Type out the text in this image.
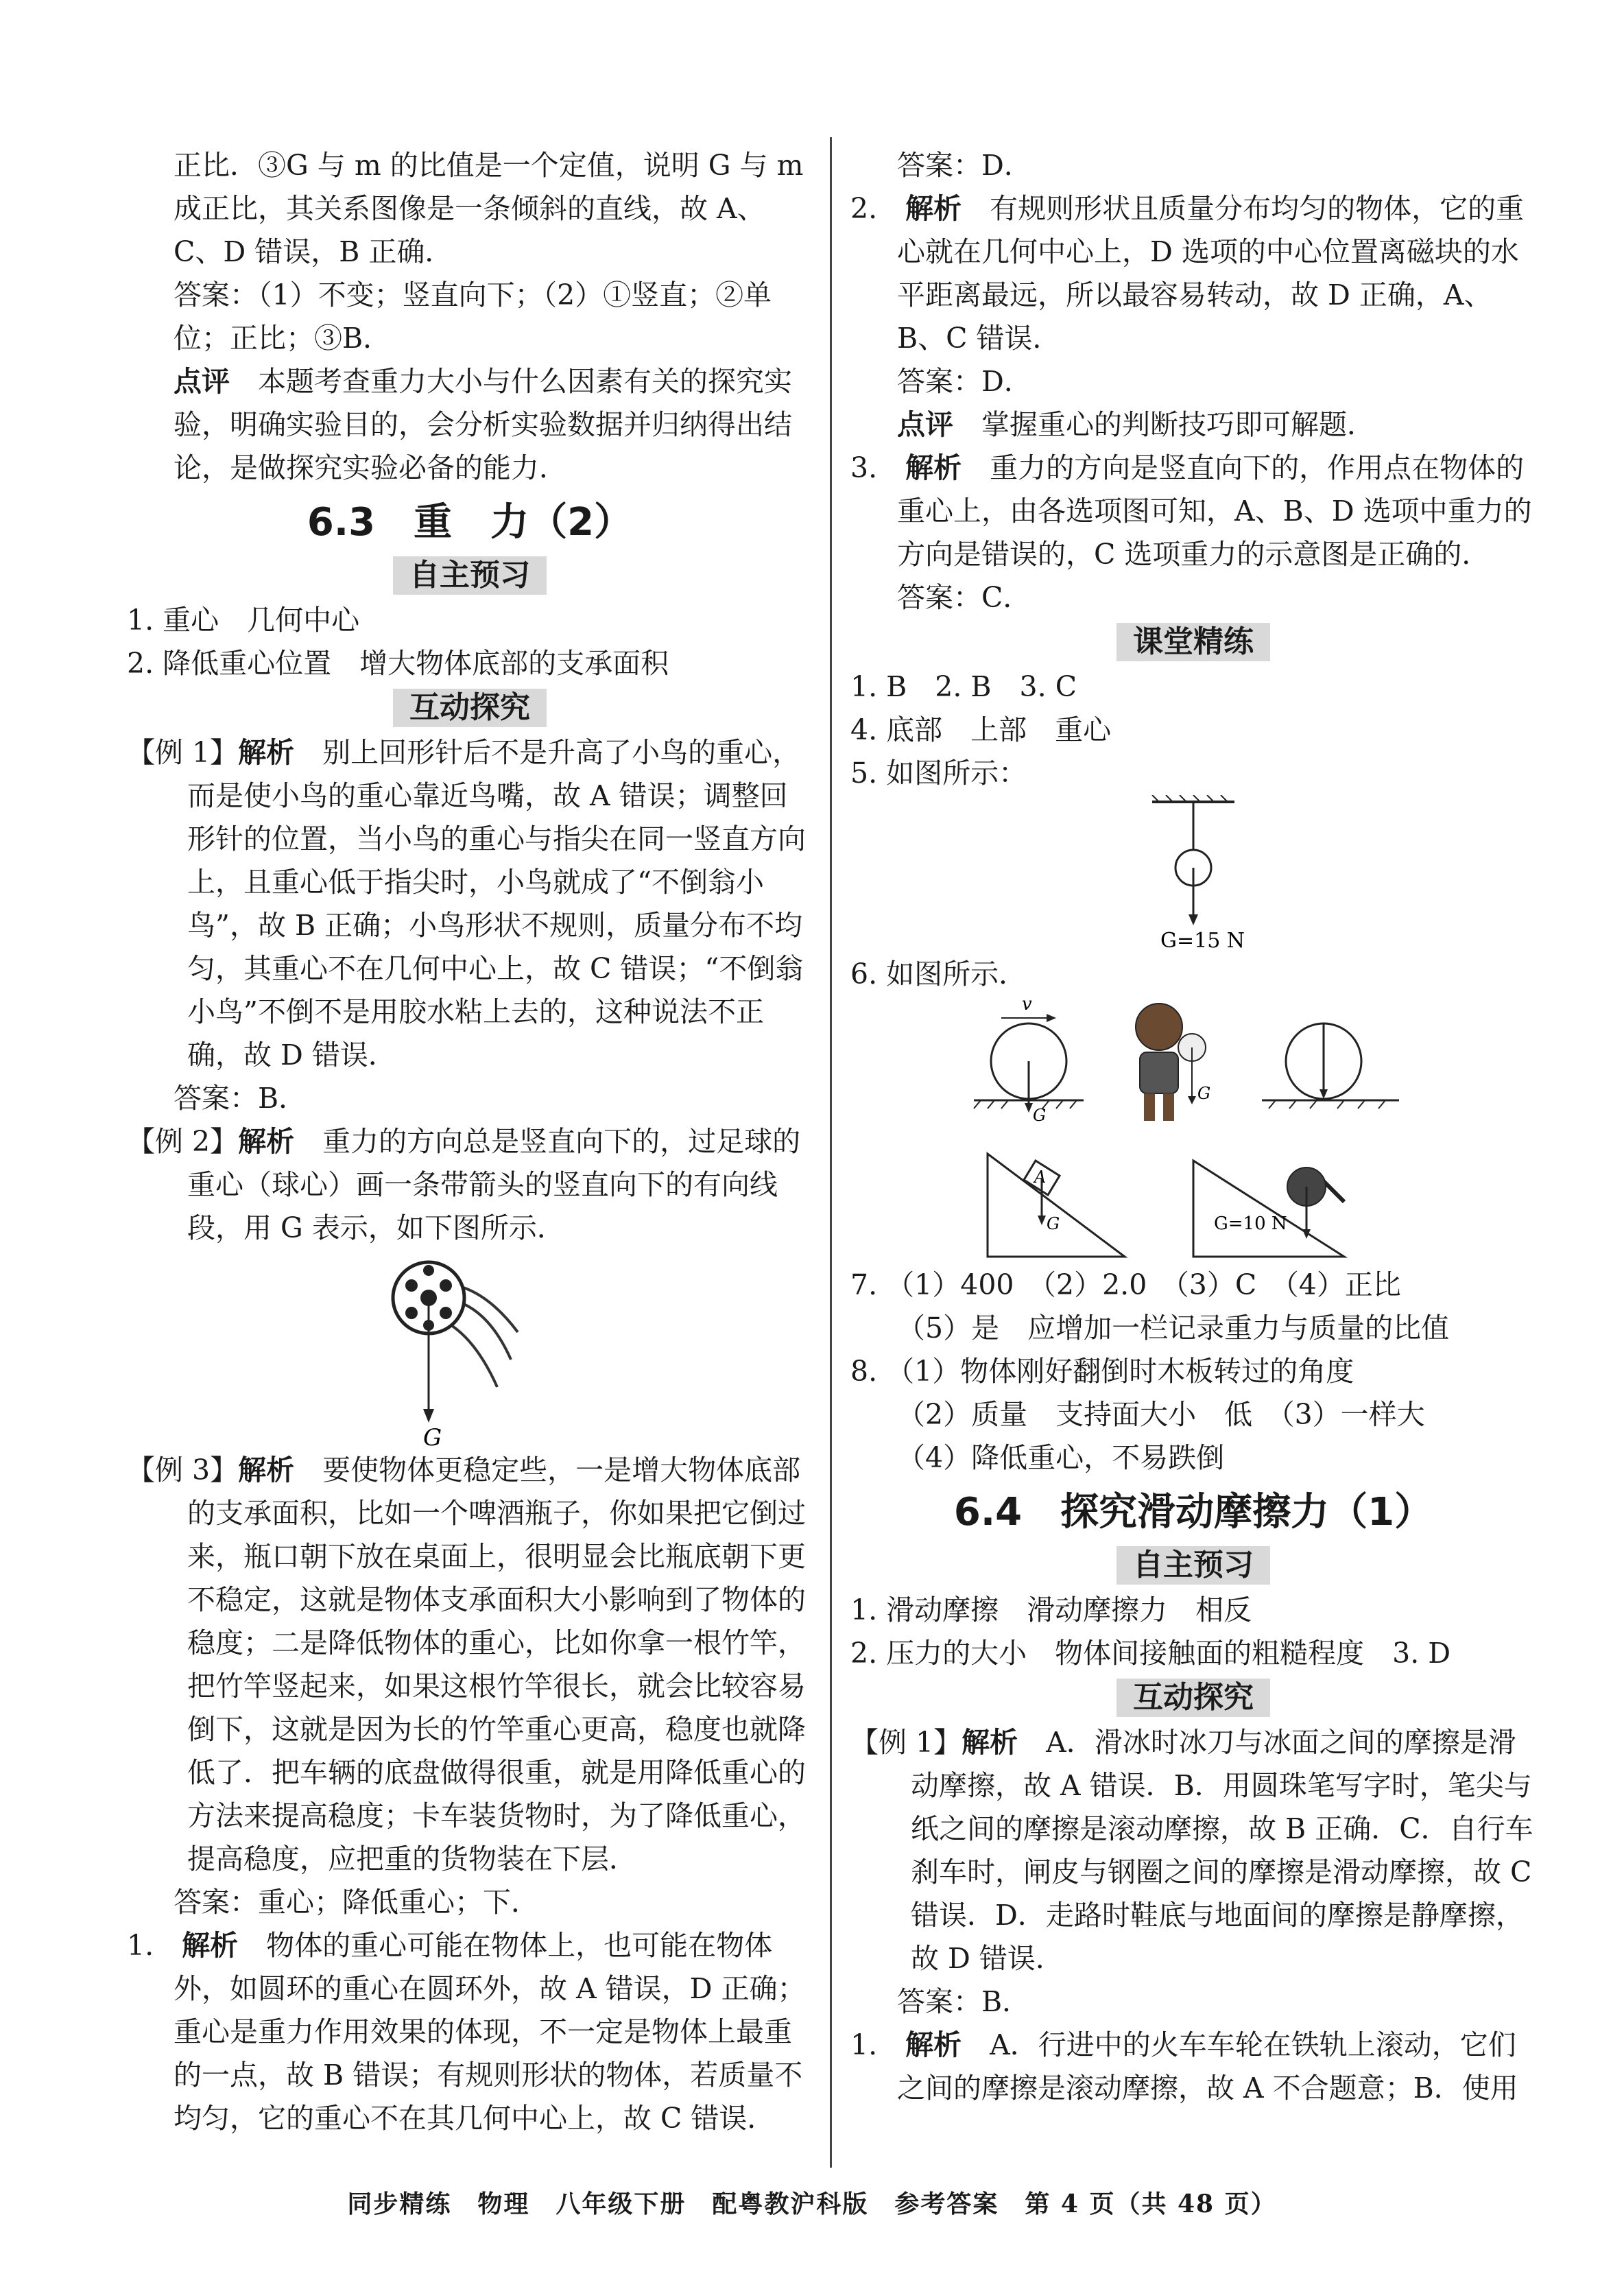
正比．③G 与 m 的比值是一个定值，说明 G 与 m 成正比，其关系图像是一条倾斜的直线，故 A、C、D 错误，B 正确．

答案：（1）不变；竖直向下；（2）①竖直；②单位；正比；③B．

点评　 本题考查重力大小与什么因素有关的探究实验，明确实验目的，会分析实验数据并归纳得出结论，是做探究实验必备的能力．

6.3　重　力（2）
自主预习

1. 重心　几何中心

2. 降低重心位置　增大物体底部的支承面积

互动探究

【例 1】解析　 别上回形针后不是升高了小鸟的重心，而是使小鸟的重心靠近鸟嘴，故 A 错误；调整回形针的位置，当小鸟的重心与指尖在同一竖直方向上，且重心低于指尖时，小鸟就成了“不倒翁小鸟”，故 B 正确；小鸟形状不规则，质量分布不均匀，其重心不在几何中心上，故 C 错误；“不倒翁小鸟”不倒不是用胶水粘上去的，这种说法不正确，故 D 错误．

答案：B．

【例 2】解析　 重力的方向总是竖直向下的，过足球的重心（球心）画一条带箭头的竖直向下的有向线段，用 G 表示，如下图所示．

G

【例 3】解析　 要使物体更稳定些，一是增大物体底部的支承面积，比如一个啤酒瓶子，你如果把它倒过来，瓶口朝下放在桌面上，很明显会比瓶底朝下更不稳定，这就是物体支承面积大小影响到了物体的稳度；二是降低物体的重心，比如你拿一根竹竿，把竹竿竖起来，如果这根竹竿很长，就会比较容易倒下，这就是因为长的竹竿重心更高，稳度也就降低了．把车辆的底盘做得很重，就是用降低重心的方法来提高稳度；卡车装货物时，为了降低重心，提高稳度，应把重的货物装在下层．

答案：重心；降低重心；下．

1.　 解析　 物体的重心可能在物体上，也可能在物体外，如圆环的重心在圆环外，故 A 错误，D 正确；重心是重力作用效果的体现，不一定是物体上最重的一点，故 B 错误；有规则形状的物体，若质量不均匀，它的重心不在其几何中心上，故 C 错误．

答案：D．

2.　 解析　 有规则形状且质量分布均匀的物体，它的重心就在几何中心上，D 选项的中心位置离磁块的水平距离最远，所以最容易转动，故 D 正确，A、B、C 错误．

答案：D．

点评　 掌握重心的判断技巧即可解题．

3.　 解析　 重力的方向是竖直向下的，作用点在物体的重心上，由各选项图可知，A、B、D 选项中重力的方向是错误的，C 选项重力的示意图是正确的．

答案：C．

课堂精练

1. B　2. B　3. C

4. 底部　上部　重心

5. 如图所示：

G=15 N

6. 如图所示．

v
G
G
A
G	G=10 N

7. （1）400　（2）2.0　（3）C　（4）正比

（5）是　应增加一栏记录重力与质量的比值

8. （1）物体刚好翻倒时木板转过的角度

（2）质量　支持面大小　低　（3）一样大

（4）降低重心，不易跌倒

6.4　探究滑动摩擦力（1）
自主预习

1. 滑动摩擦　滑动摩擦力　相反

2. 压力的大小　物体间接触面的粗糙程度　3. D

互动探究

【例 1】解析　 A．滑冰时冰刀与冰面之间的摩擦是滑动摩擦，故 A 错误．B．用圆珠笔写字时，笔尖与纸之间的摩擦是滚动摩擦，故 B 正确．C．自行车刹车时，闸皮与钢圈之间的摩擦是滑动摩擦，故 C 错误．D．走路时鞋底与地面间的摩擦是静摩擦，故 D 错误．

答案：B．

1.　 解析　 A．行进中的火车车轮在铁轨上滚动，它们之间的摩擦是滚动摩擦，故 A 不合题意；B．使用

同步精练　物理　八年级下册　配粤教沪科版　参考答案　第 4 页（共 48 页）
